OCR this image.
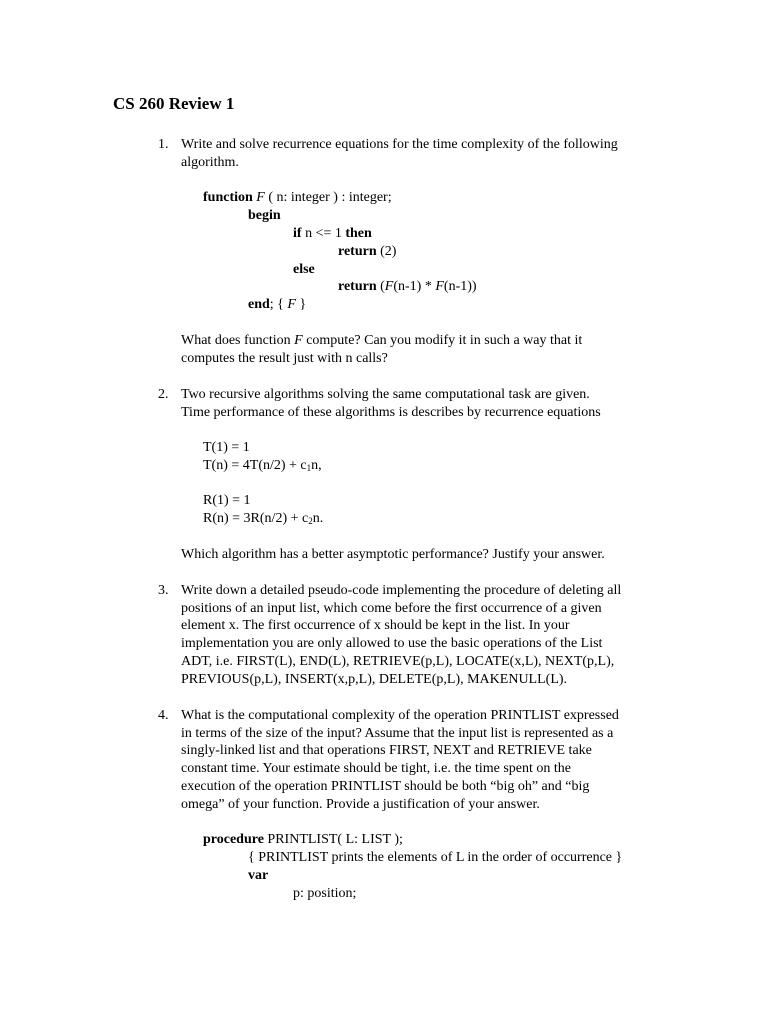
CS 260 Review 1
1. Write and solve recurrence equations for the time complexity of the following
algorithm.
function F ( n: integer ) : integer;
begin
if n <= 1 then
return (2)
else
return (F(n-1) * F(n-1))
end; { F }
What does function F compute? Can you modify it in such a way that it
computes the result just with n calls?
2. Two recursive algorithms solving the same computational task are given.
Time performance of these algorithms is describes by recurrence equations
T(1) = 1
$T(n) = 4T(n/2) + c_1n$,
R(1) = 1
$R(n) = 3R(n/2) + c_2n$.
Which algorithm has a better asymptotic performance? Justify your answer.
3. Write down a detailed pseudo-code implementing the procedure of deleting all
positions of an input list, which come before the first occurrence of a given
element x. The first occurrence of x should be kept in the list. In your
implementation you are only allowed to use the basic operations of the List
ADT, i.e. FIRST(L), END(L), RETRIEVE(p,L), LOCATE(x,L), NEXT(p,L),
PREVIOUS(p,L), INSERT(x,p,L), DELETE(p,L), MAKENULL(L).
4. What is the computational complexity of the operation PRINTLIST expressed
in terms of the size of the input? Assume that the input list is represented as a
singly-linked list and that operations FIRST, NEXT and RETRIEVE take
constant time. Your estimate should be tight, i.e. the time spent on the
execution of the operation PRINTLIST should be both “big oh” and “big
omega” of your function. Provide a justification of your answer.
procedure PRINTLIST( L: LIST );
{ PRINTLIST prints the elements of L in the order of occurrence }
var
p: position;
